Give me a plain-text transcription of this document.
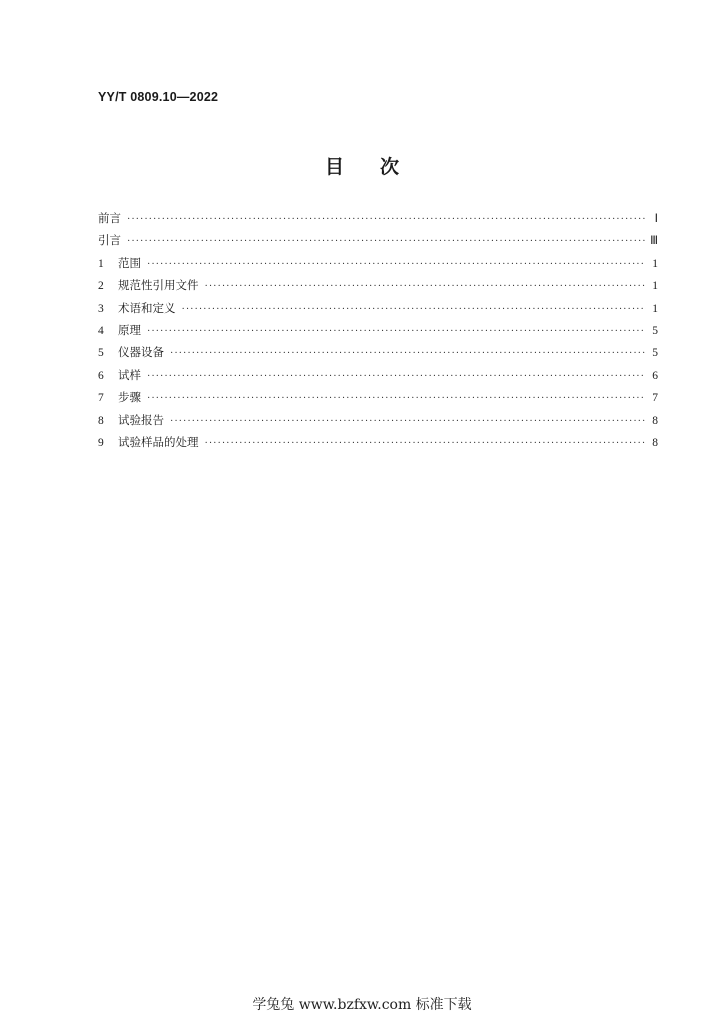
YY/T 0809.10—2022
目 次
前言 ·····	Ⅰ
引言 ·····	Ⅲ
1	范围 ·····	1
2	规范性引用文件 ·····	1
3	术语和定义 ·····	1
4	原理 ·····	5
5	仪器设备 ·····	5
6	试样 ·····	6
7	步骤 ·····	7
8	试验报告 ·····	8
9	试验样品的处理 ·····	8
学兔兔 www.bzfxw.com 标准下载
